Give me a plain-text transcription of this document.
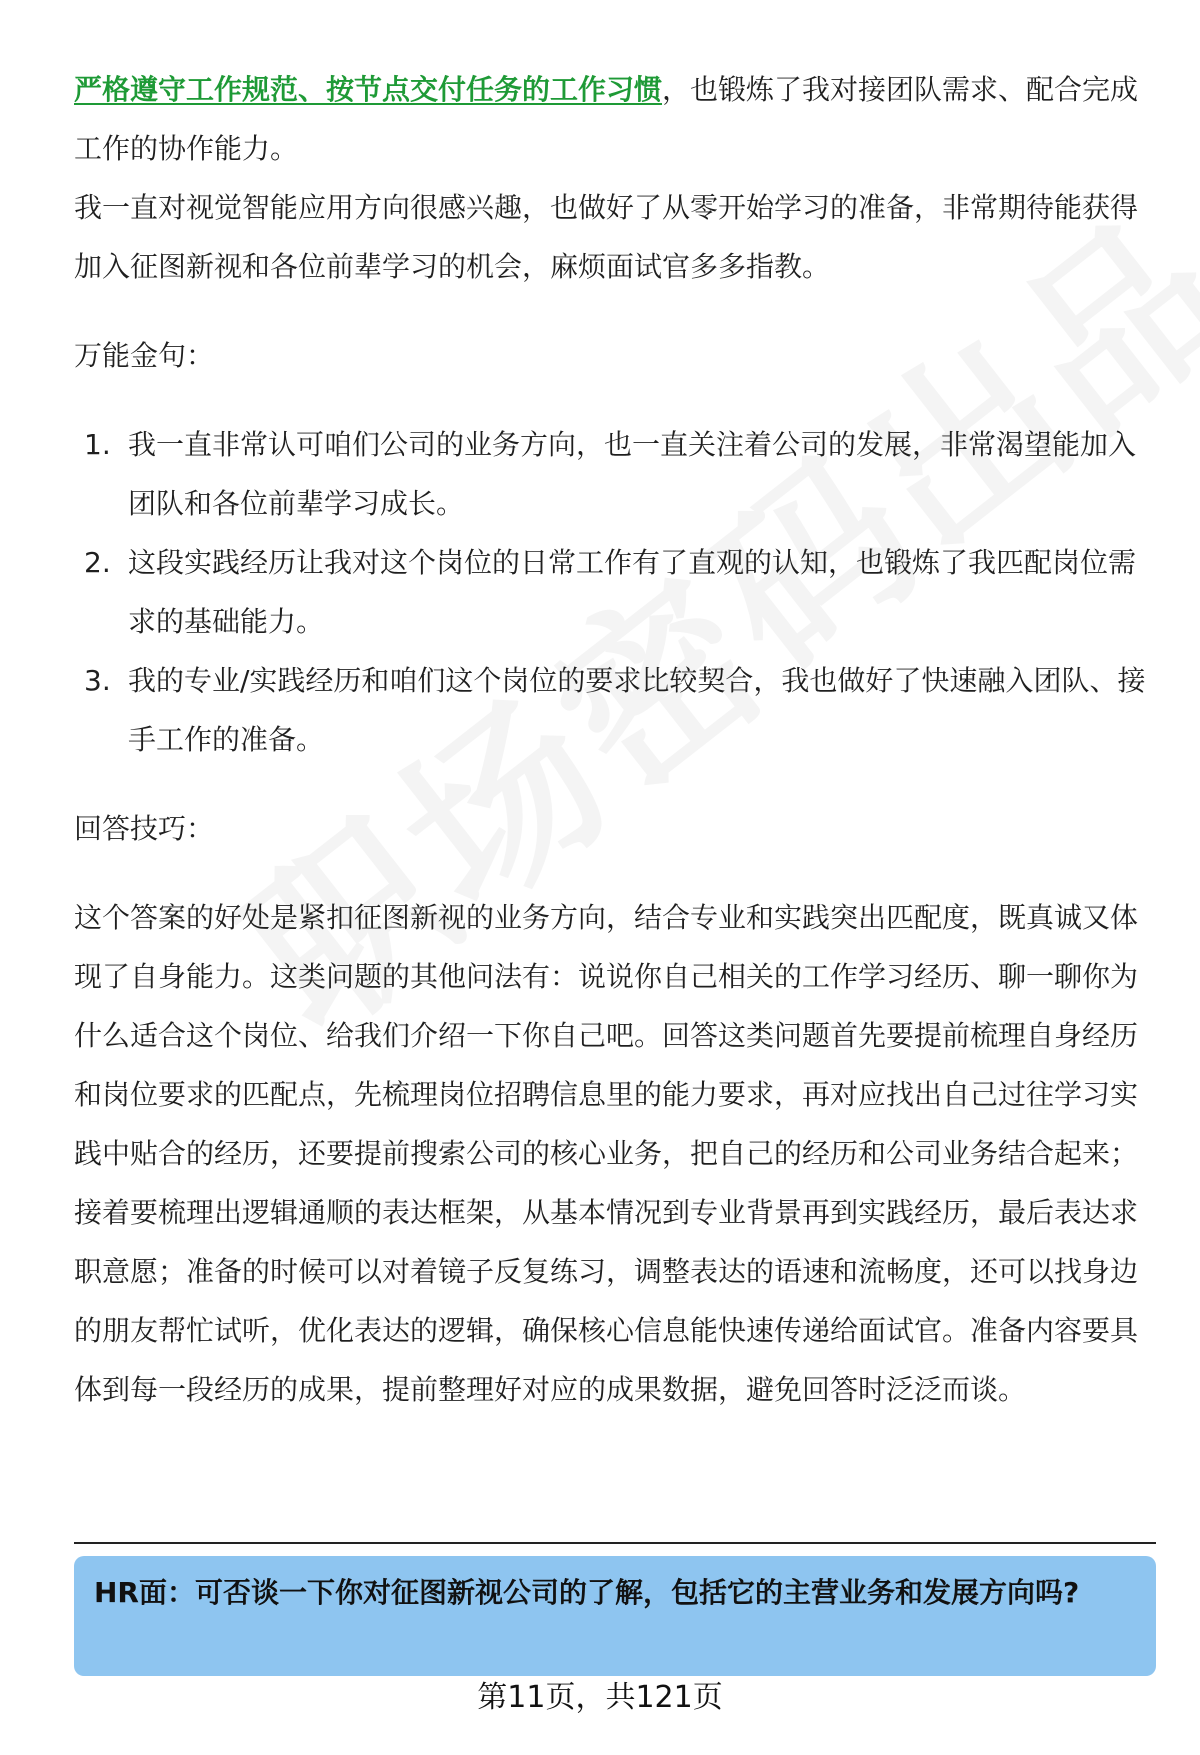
严格遵守工作规范、按节点交付任务的工作习惯，也锻炼了我对接团队需求、配合完成工作的协作能力。

我一直对视觉智能应用方向很感兴趣，也做好了从零开始学习的准备，非常期待能获得加入征图新视和各位前辈学习的机会，麻烦面试官多多指教。

万能金句：

1. 我一直非常认可咱们公司的业务方向，也一直关注着公司的发展，非常渴望能加入团队和各位前辈学习成长。
2. 这段实践经历让我对这个岗位的日常工作有了直观的认知，也锻炼了我匹配岗位需求的基础能力。
3. 我的专业/实践经历和咱们这个岗位的要求比较契合，我也做好了快速融入团队、接手工作的准备。

回答技巧：

这个答案的好处是紧扣征图新视的业务方向，结合专业和实践突出匹配度，既真诚又体现了自身能力。这类问题的其他问法有：说说你自己相关的工作学习经历、聊一聊你为什么适合这个岗位、给我们介绍一下你自己吧。回答这类问题首先要提前梳理自身经历和岗位要求的匹配点，先梳理岗位招聘信息里的能力要求，再对应找出自己过往学习实践中贴合的经历，还要提前搜索公司的核心业务，把自己的经历和公司业务结合起来；接着要梳理出逻辑通顺的表达框架，从基本情况到专业背景再到实践经历，最后表达求职意愿；准备的时候可以对着镜子反复练习，调整表达的语速和流畅度，还可以找身边的朋友帮忙试听，优化表达的逻辑，确保核心信息能快速传递给面试官。准备内容要具体到每一段经历的成果，提前整理好对应的成果数据，避免回答时泛泛而谈。

HR面：可否谈一下你对征图新视公司的了解，包括它的主营业务和发展方向吗?
第11页，共121页
